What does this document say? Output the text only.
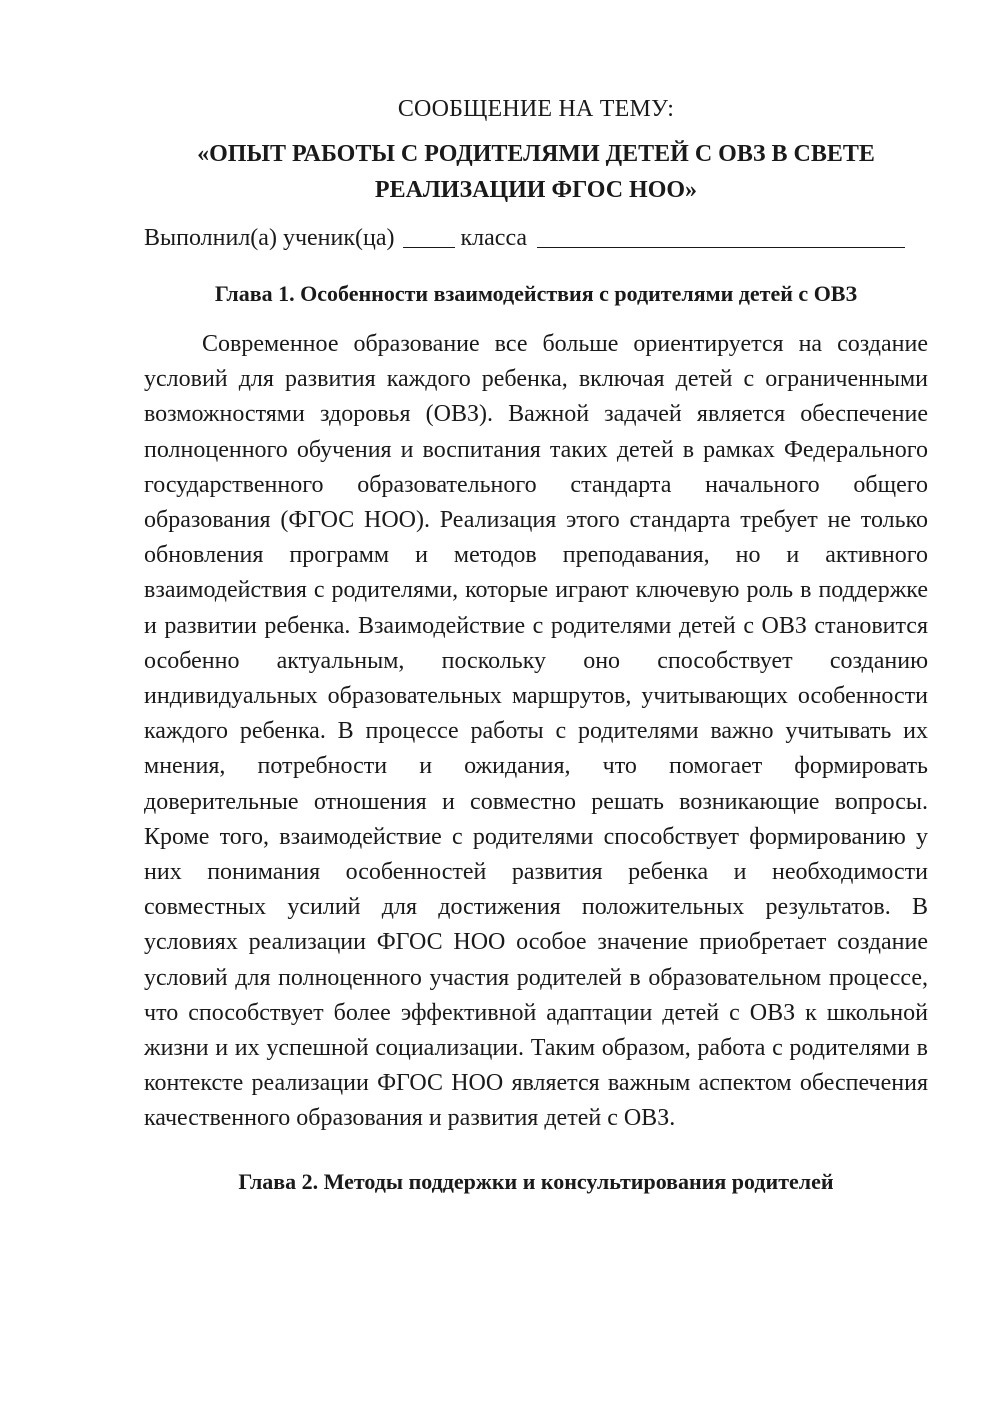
СООБЩЕНИЕ НА ТЕМУ:
«ОПЫТ РАБОТЫ С РОДИТЕЛЯМИ ДЕТЕЙ С ОВЗ В СВЕТЕ
РЕАЛИЗАЦИИ ФГОС НОО»
Выполнил(а) ученик(ца)	класса
Глава 1. Особенности взаимодействия с родителями детей с ОВЗ

Современное образование все больше ориентируется на создание условий для развития каждого ребенка, включая детей с ограниченными возможностями здоровья (ОВЗ). Важной задачей является обеспечение полноценного обучения и воспитания таких детей в рамках Федерального государственного образовательного стандарта начального общего образования (ФГОС НОО). Реализация этого стандарта требует не только обновления программ и методов преподавания, но и активного взаимодействия с родителями, которые играют ключевую роль в поддержке и развитии ребенка. Взаимодействие с родителями детей с ОВЗ становится особенно актуальным, поскольку оно способствует созданию индивидуальных образовательных маршрутов, учитывающих особенности каждого ребенка. В процессе работы с родителями важно учитывать их мнения, потребности и ожидания, что помогает формировать доверительные отношения и совместно решать возникающие вопросы. Кроме того, взаимодействие с родителями способствует формированию у них понимания особенностей развития ребенка и необходимости совместных усилий для достижения положительных результатов. В условиях реализации ФГОС НОО особое значение приобретает создание условий для полноценного участия родителей в образовательном процессе, что способствует более эффективной адаптации детей с ОВЗ к школьной жизни и их успешной социализации. Таким образом, работа с родителями в контексте реализации ФГОС НОО является важным аспектом обеспечения качественного образования и развития детей с ОВЗ.

Глава 2. Методы поддержки и консультирования родителей
